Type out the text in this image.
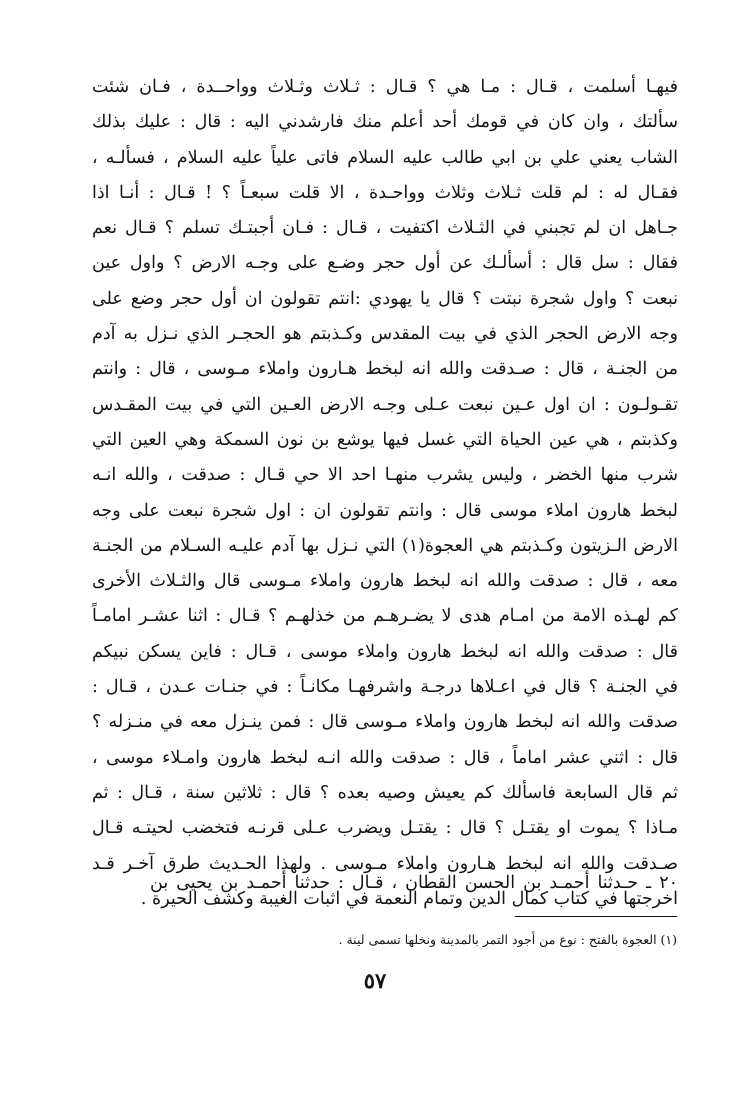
فيهـا أسلمت ، قـال : مـا هي ؟ قـال : ثـلاث وثـلاث وواحــدة ، فـان شئت
سألتك ، وان كان في قومك أحد أعلم منك فارشدني اليه : قال : عليك بذلك
الشاب يعني علي بن ابي طالب عليه السلام فاتى علياً عليه السلام ، فسألـه ،
فقـال له : لم قلت ثـلاث وثلاث وواحـدة ، الا قلت سبعـاً ؟ ! قـال : أنـا اذا
جـاهل ان لم تجبني في الثـلاث اكتفيت ، قـال : فـان أجبتـك تسلم ؟ قـال نعم
فقال : سل قال : أسألـك عن أول حجر وضـع على وجـه الارض ؟ واول عين
نبعت ؟ واول شجرة نبتت ؟ قال يا يهودي :انتم تقولون ان أول حجر وضع على
وجه الارض الحجر الذي في بيت المقدس وكـذبتم هو الحجـر الذي نـزل به آدم
من الجنـة ، قال : صـدقت والله انه لبخط هـارون واملاء مـوسى ، قال : وانتم
تقـولـون : ان اول عـين نبعت عـلى وجـه الارض العـين التي في بيت المقـدس
وكذبتم ، هي عين الحياة التي غسل فيها يوشع بن نون السمكة وهي العين التي
شرب منها الخضر ، وليس يشرب منهـا احد الا حي قـال : صدقت ، والله انـه
لبخط هارون املاء موسى قال : وانتم تقولون ان : اول شجرة نبعت على وجه
الارض الـزيتون وكـذبتم هي العجوة(١) التي نـزل بها آدم عليـه السـلام من الجنـة
معه ، قال : صدقت والله انه لبخط هارون واملاء مـوسى قال والثـلاث الأخرى
كم لهـذه الامة من امـام هدى لا يضـرهـم من خذلهـم ؟ قـال : اثنا عشـر امامـاً
قال : صدقت والله انه لبخط هارون واملاء موسى ، قـال : فاين يسكن نبيكم
في الجنـة ؟ قال في اعـلاها درجـة واشرفهـا مكانـاً : في جنـات عـدن ، قـال :
صدقت والله انه لبخط هارون واملاء مـوسى قال : فمن ينـزل معه في منـزله ؟
قال : اثني عشر اماماً ، قال : صدقت والله انـه لبخط هارون وامـلاء موسى ،
ثم قال السابعة فاسألك كم يعيش وصيه بعده ؟ قال : ثلاثين سنة ، قـال : ثم
مـاذا ؟ يموت او يقتـل ؟ قال : يقتـل ويضرب عـلى قرنـه فتخضب لحيتـه قـال
صـدقت والله انه لبخط هـارون واملاء مـوسى . ولهذا الحـديث طرق آخـر قـد
اخرجتها في كتاب كمال الدين وتمام النعمة في اثبات الغيبة وكشف الحيرة .
٢٠ ـ حـدثنا أحمـد بن الحسن القطان ، قـال : حدثنا أحمـد بن يحيى بن
(١) العجوة بالفتح : نوع من أجود التمر بالمدينة ونخلها تسمى لينة .
٥٧
